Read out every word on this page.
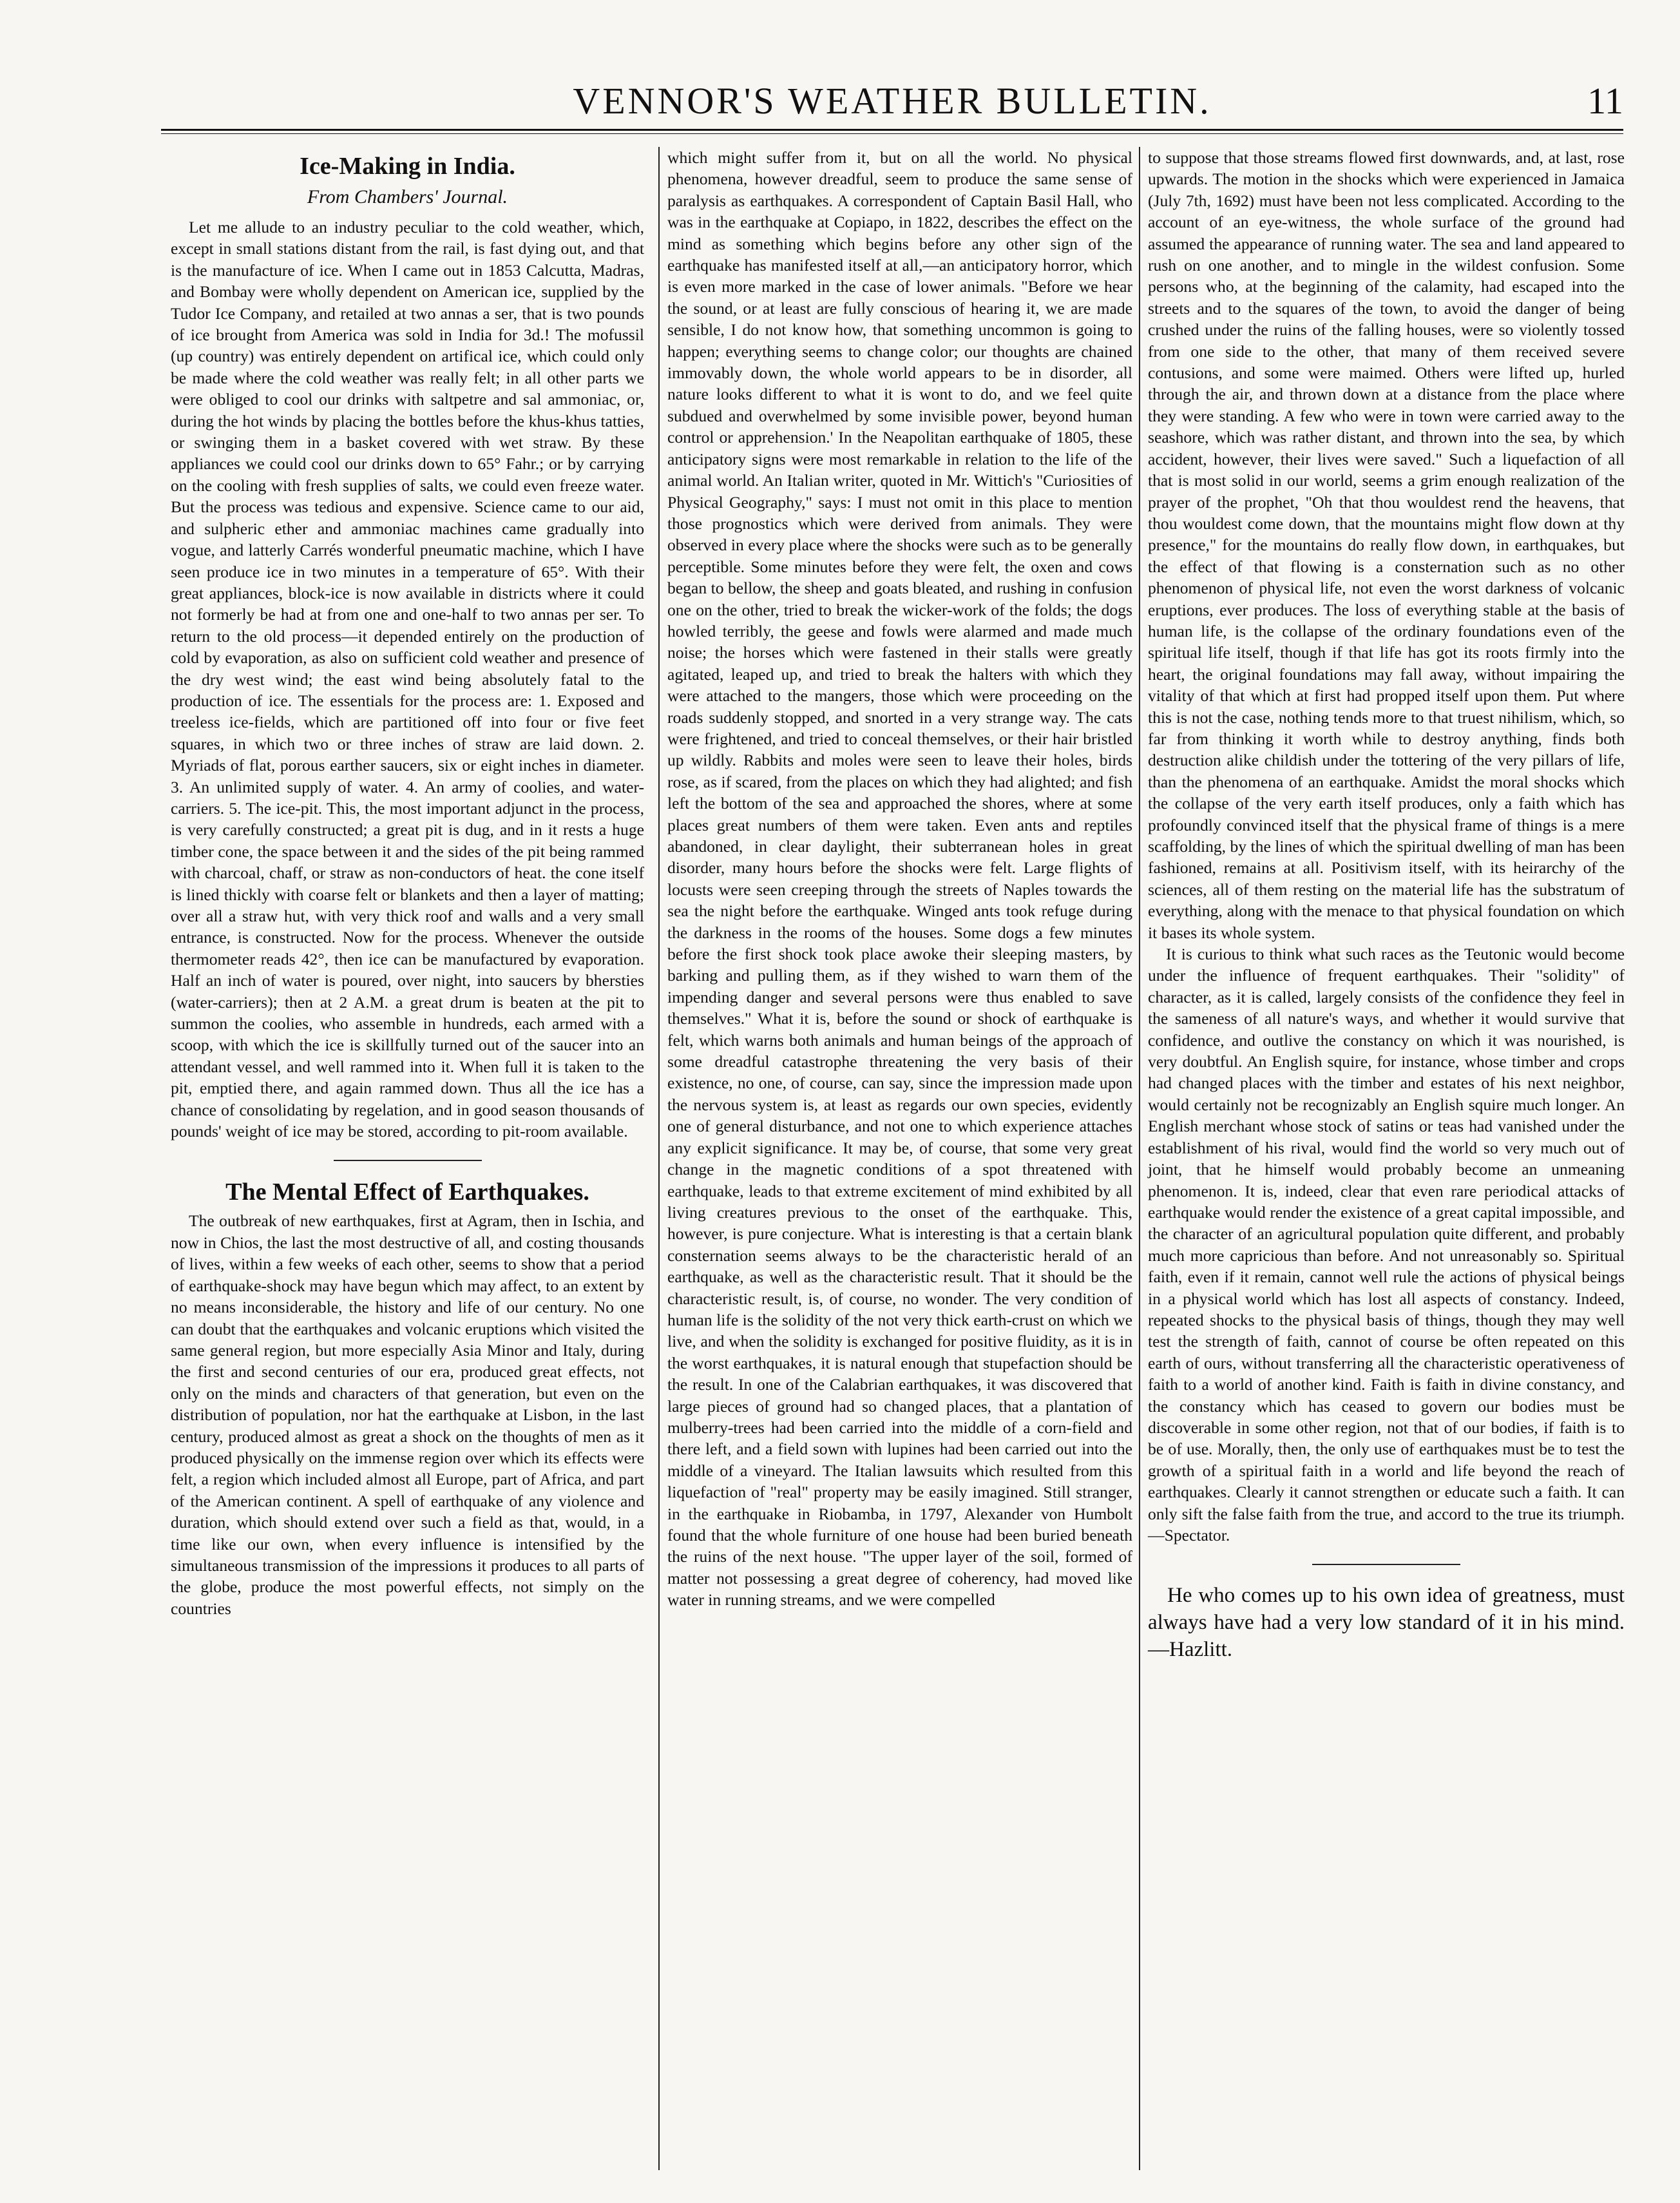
VENNOR'S WEATHER BULLETIN.	11
Ice-Making in India.
From Chambers' Journal.

Let me allude to an industry peculiar to the cold weather, which, except in small stations distant from the rail, is fast dying out, and that is the manufacture of ice. When I came out in 1853 Calcutta, Madras, and Bombay were wholly dependent on American ice, supplied by the Tudor Ice Company, and retailed at two annas a ser, that is two pounds of ice brought from America was sold in India for 3d.! The mofussil (up country) was entirely dependent on artifical ice, which could only be made where the cold weather was really felt; in all other parts we were obliged to cool our drinks with saltpetre and sal ammoniac, or, during the hot winds by placing the bottles before the khus-khus tatties, or swinging them in a basket covered with wet straw. By these appliances we could cool our drinks down to 65° Fahr.; or by carrying on the cooling with fresh supplies of salts, we could even freeze water. But the process was tedious and expensive. Science came to our aid, and sulpheric ether and ammoniac machines came gradually into vogue, and latterly Carrés wonderful pneumatic machine, which I have seen produce ice in two minutes in a temperature of 65°. With their great appliances, block-ice is now available in districts where it could not formerly be had at from one and one-half to two annas per ser. To return to the old process—it depended entirely on the production of cold by evaporation, as also on sufficient cold weather and presence of the dry west wind; the east wind being absolutely fatal to the production of ice. The essentials for the process are: 1. Exposed and treeless ice-fields, which are partitioned off into four or five feet squares, in which two or three inches of straw are laid down. 2. Myriads of flat, porous earther saucers, six or eight inches in diameter. 3. An unlimited supply of water. 4. An army of coolies, and water-carriers. 5. The ice-pit. This, the most important adjunct in the process, is very carefully constructed; a great pit is dug, and in it rests a huge timber cone, the space between it and the sides of the pit being rammed with charcoal, chaff, or straw as non-conductors of heat. the cone itself is lined thickly with coarse felt or blankets and then a layer of matting; over all a straw hut, with very thick roof and walls and a very small entrance, is constructed. Now for the process. Whenever the outside thermometer reads 42°, then ice can be manufactured by evaporation. Half an inch of water is poured, over night, into saucers by bhersties (water-carriers); then at 2 A.M. a great drum is beaten at the pit to summon the coolies, who assemble in hundreds, each armed with a scoop, with which the ice is skillfully turned out of the saucer into an attendant vessel, and well rammed into it. When full it is taken to the pit, emptied there, and again rammed down. Thus all the ice has a chance of consolidating by regelation, and in good season thousands of pounds' weight of ice may be stored, according to pit-room available.

The Mental Effect of Earthquakes.

The outbreak of new earthquakes, first at Agram, then in Ischia, and now in Chios, the last the most destructive of all, and costing thousands of lives, within a few weeks of each other, seems to show that a period of earthquake-shock may have begun which may affect, to an extent by no means inconsiderable, the history and life of our century. No one can doubt that the earthquakes and volcanic eruptions which visited the same general region, but more especially Asia Minor and Italy, during the first and second centuries of our era, produced great effects, not only on the minds and characters of that generation, but even on the distribution of population, nor hat the earthquake at Lisbon, in the last century, produced almost as great a shock on the thoughts of men as it produced physically on the immense region over which its effects were felt, a region which included almost all Europe, part of Africa, and part of the American continent. A spell of earthquake of any violence and duration, which should extend over such a field as that, would, in a time like our own, when every influence is intensified by the simultaneous transmission of the impressions it produces to all parts of the globe, produce the most powerful effects, not simply on the countries

which might suffer from it, but on all the world. No physical phenomena, however dreadful, seem to produce the same sense of paralysis as earthquakes. A correspondent of Captain Basil Hall, who was in the earthquake at Copiapo, in 1822, describes the effect on the mind as something which begins before any other sign of the earthquake has manifested itself at all,—an anticipatory horror, which is even more marked in the case of lower animals. "Before we hear the sound, or at least are fully conscious of hearing it, we are made sensible, I do not know how, that something uncommon is going to happen; everything seems to change color; our thoughts are chained immovably down, the whole world appears to be in disorder, all nature looks different to what it is wont to do, and we feel quite subdued and overwhelmed by some invisible power, beyond human control or apprehension.' In the Neapolitan earthquake of 1805, these anticipatory signs were most remarkable in relation to the life of the animal world. An Italian writer, quoted in Mr. Wittich's "Curiosities of Physical Geography," says: I must not omit in this place to mention those prognostics which were derived from animals. They were observed in every place where the shocks were such as to be generally perceptible. Some minutes before they were felt, the oxen and cows began to bellow, the sheep and goats bleated, and rushing in confusion one on the other, tried to break the wicker-work of the folds; the dogs howled terribly, the geese and fowls were alarmed and made much noise; the horses which were fastened in their stalls were greatly agitated, leaped up, and tried to break the halters with which they were attached to the mangers, those which were proceeding on the roads suddenly stopped, and snorted in a very strange way. The cats were frightened, and tried to conceal themselves, or their hair bristled up wildly. Rabbits and moles were seen to leave their holes, birds rose, as if scared, from the places on which they had alighted; and fish left the bottom of the sea and approached the shores, where at some places great numbers of them were taken. Even ants and reptiles abandoned, in clear daylight, their subterranean holes in great disorder, many hours before the shocks were felt. Large flights of locusts were seen creeping through the streets of Naples towards the sea the night before the earthquake. Winged ants took refuge during the darkness in the rooms of the houses. Some dogs a few minutes before the first shock took place awoke their sleeping masters, by barking and pulling them, as if they wished to warn them of the impending danger and several persons were thus enabled to save themselves." What it is, before the sound or shock of earthquake is felt, which warns both animals and human beings of the approach of some dreadful catastrophe threatening the very basis of their existence, no one, of course, can say, since the impression made upon the nervous system is, at least as regards our own species, evidently one of general disturbance, and not one to which experience attaches any explicit significance. It may be, of course, that some very great change in the magnetic conditions of a spot threatened with earthquake, leads to that extreme excitement of mind exhibited by all living creatures previous to the onset of the earthquake. This, however, is pure conjecture. What is interesting is that a certain blank consternation seems always to be the characteristic herald of an earthquake, as well as the characteristic result. That it should be the characteristic result, is, of course, no wonder. The very condition of human life is the solidity of the not very thick earth-crust on which we live, and when the solidity is exchanged for positive fluidity, as it is in the worst earthquakes, it is natural enough that stupefaction should be the result. In one of the Calabrian earthquakes, it was discovered that large pieces of ground had so changed places, that a plantation of mulberry-trees had been carried into the middle of a corn-field and there left, and a field sown with lupines had been carried out into the middle of a vineyard. The Italian lawsuits which resulted from this liquefaction of "real" property may be easily imagined. Still stranger, in the earthquake in Riobamba, in 1797, Alexander von Humbolt found that the whole furniture of one house had been buried beneath the ruins of the next house. "The upper layer of the soil, formed of matter not possessing a great degree of coherency, had moved like water in running streams, and we were compelled

to suppose that those streams flowed first downwards, and, at last, rose upwards. The motion in the shocks which were experienced in Jamaica (July 7th, 1692) must have been not less complicated. According to the account of an eye-witness, the whole surface of the ground had assumed the appearance of running water. The sea and land appeared to rush on one another, and to mingle in the wildest confusion. Some persons who, at the beginning of the calamity, had escaped into the streets and to the squares of the town, to avoid the danger of being crushed under the ruins of the falling houses, were so violently tossed from one side to the other, that many of them received severe contusions, and some were maimed. Others were lifted up, hurled through the air, and thrown down at a distance from the place where they were standing. A few who were in town were carried away to the seashore, which was rather distant, and thrown into the sea, by which accident, however, their lives were saved." Such a liquefaction of all that is most solid in our world, seems a grim enough realization of the prayer of the prophet, "Oh that thou wouldest rend the heavens, that thou wouldest come down, that the mountains might flow down at thy presence," for the mountains do really flow down, in earthquakes, but the effect of that flowing is a consternation such as no other phenomenon of physical life, not even the worst darkness of volcanic eruptions, ever produces. The loss of everything stable at the basis of human life, is the collapse of the ordinary foundations even of the spiritual life itself, though if that life has got its roots firmly into the heart, the original foundations may fall away, without impairing the vitality of that which at first had propped itself upon them. Put where this is not the case, nothing tends more to that truest nihilism, which, so far from thinking it worth while to destroy anything, finds both destruction alike childish under the tottering of the very pillars of life, than the phenomena of an earthquake. Amidst the moral shocks which the collapse of the very earth itself produces, only a faith which has profoundly convinced itself that the physical frame of things is a mere scaffolding, by the lines of which the spiritual dwelling of man has been fashioned, remains at all. Positivism itself, with its heirarchy of the sciences, all of them resting on the material life has the substratum of everything, along with the menace to that physical foundation on which it bases its whole system.

It is curious to think what such races as the Teutonic would become under the influence of frequent earthquakes. Their "solidity" of character, as it is called, largely consists of the confidence they feel in the sameness of all nature's ways, and whether it would survive that confidence, and outlive the constancy on which it was nourished, is very doubtful. An English squire, for instance, whose timber and crops had changed places with the timber and estates of his next neighbor, would certainly not be recognizably an English squire much longer. An English merchant whose stock of satins or teas had vanished under the establishment of his rival, would find the world so very much out of joint, that he himself would probably become an unmeaning phenomenon. It is, indeed, clear that even rare periodical attacks of earthquake would render the existence of a great capital impossible, and the character of an agricultural population quite different, and probably much more capricious than before. And not unreasonably so. Spiritual faith, even if it remain, cannot well rule the actions of physical beings in a physical world which has lost all aspects of constancy. Indeed, repeated shocks to the physical basis of things, though they may well test the strength of faith, cannot of course be often repeated on this earth of ours, without transferring all the characteristic operativeness of faith to a world of another kind. Faith is faith in divine constancy, and the constancy which has ceased to govern our bodies must be discoverable in some other region, not that of our bodies, if faith is to be of use. Morally, then, the only use of earthquakes must be to test the growth of a spiritual faith in a world and life beyond the reach of earthquakes. Clearly it cannot strengthen or educate such a faith. It can only sift the false faith from the true, and accord to the true its triumph.—Spectator.

He who comes up to his own idea of greatness, must always have had a very low standard of it in his mind.—Hazlitt.
